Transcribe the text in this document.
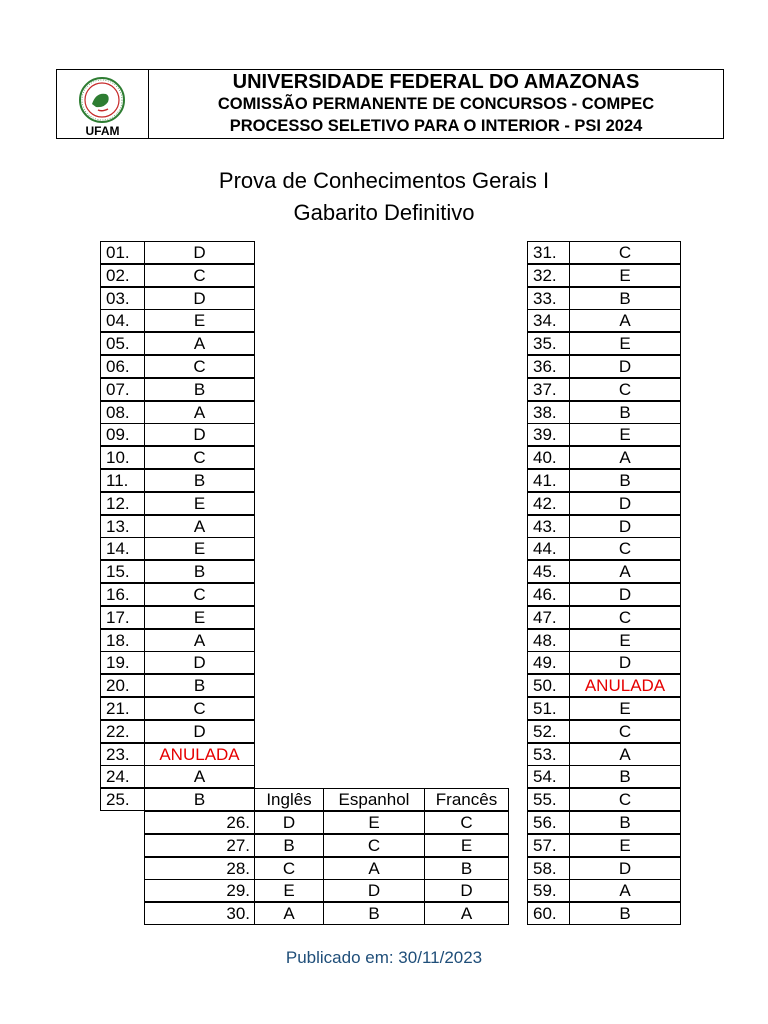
UFAM
UNIVERSIDADE FEDERAL DO AMAZONAS
COMISSÃO PERMANENTE DE CONCURSOS - COMPEC
PROCESSO SELETIVO PARA O INTERIOR - PSI 2024
Prova de Conhecimentos Gerais I
Gabarito Definitivo
01.	D
02.	C
03.	D
04.	E
05.	A
06.	C
07.	B
08.	A
09.	D
10.	C
11.	B
12.	E
13.	A
14.	E
15.	B
16.	C
17.	E
18.	A
19.	D
20.	B
21.	C
22.	D
23.	ANULADA
24.	A
25.	B	Inglês	Espanhol	Francês
26.	D	E	C
27.	B	C	E
28.	C	A	B
29.	E	D	D
30.	A	B	A
31.	C
32.	E
33.	B
34.	A
35.	E
36.	D
37.	C
38.	B
39.	E
40.	A
41.	B
42.	D
43.	D
44.	C
45.	A
46.	D
47.	C
48.	E
49.	D
50.	ANULADA
51.	E
52.	C
53.	A
54.	B
55.	C
56.	B
57.	E
58.	D
59.	A
60.	B
Publicado em: 30/11/2023
